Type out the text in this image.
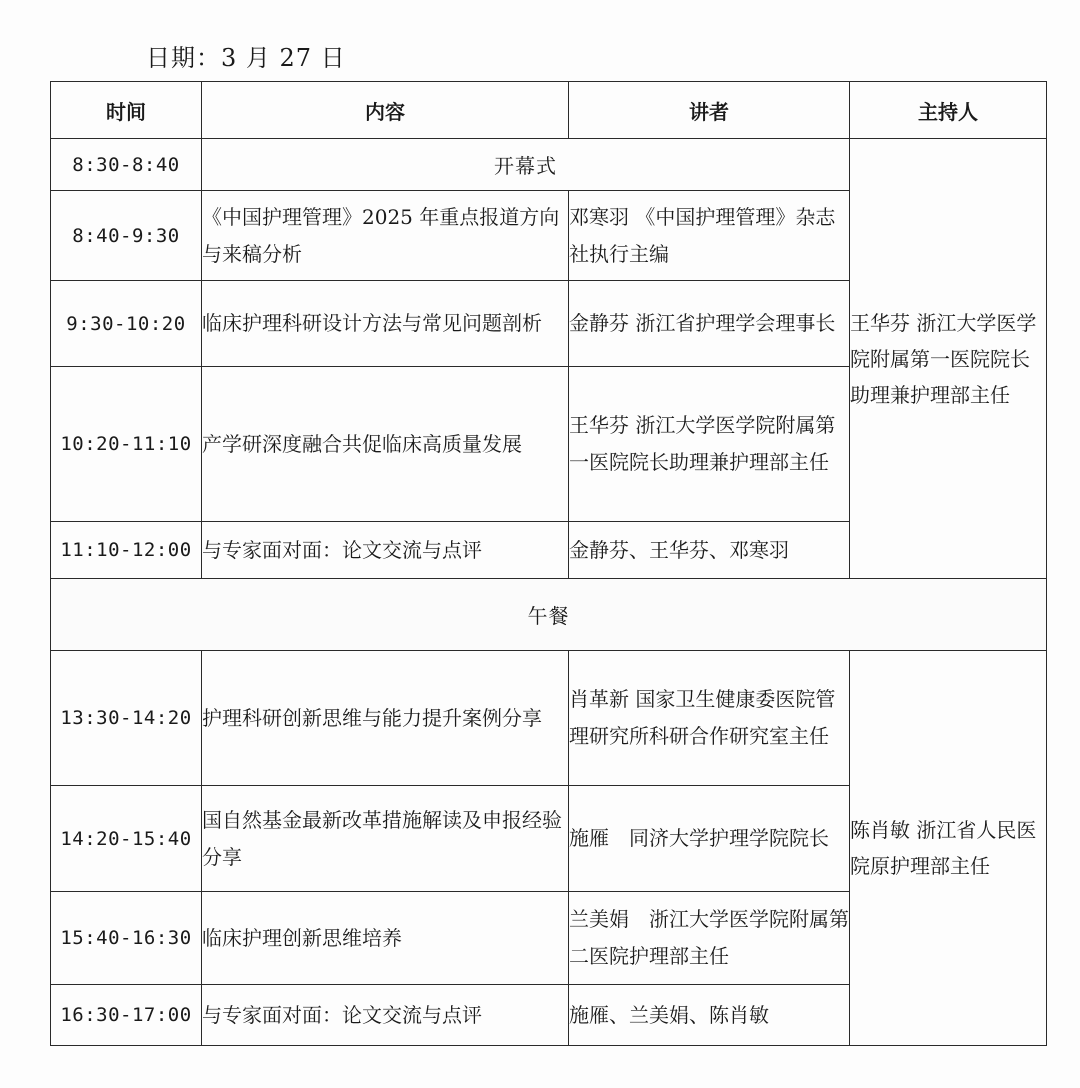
日期：3 月 27 日
时间	内容	讲者	主持人
8:30-8:40	开幕式		王华芬 浙江大学医学院附属第一医院院长助理兼护理部主任
8:40-9:30	《中国护理管理》2025 年重点报道方向与来稿分析	邓寒羽 《中国护理管理》杂志社执行主编	
9:30-10:20	临床护理科研设计方法与常见问题剖析	金静芬 浙江省护理学会理事长	
10:20-11:10	产学研深度融合共促临床高质量发展	王华芬 浙江大学医学院附属第一医院院长助理兼护理部主任	
11:10-12:00	与专家面对面：论文交流与点评	金静芬、王华芬、邓寒羽	
午餐			
13:30-14:20	护理科研创新思维与能力提升案例分享	肖革新 国家卫生健康委医院管理研究所科研合作研究室主任	陈肖敏 浙江省人民医院原护理部主任
14:20-15:40	国自然基金最新改革措施解读及申报经验分享	施雁　同济大学护理学院院长	
15:40-16:30	临床护理创新思维培养	兰美娟　浙江大学医学院附属第二医院护理部主任	
16:30-17:00	与专家面对面：论文交流与点评	施雁、兰美娟、陈肖敏	
